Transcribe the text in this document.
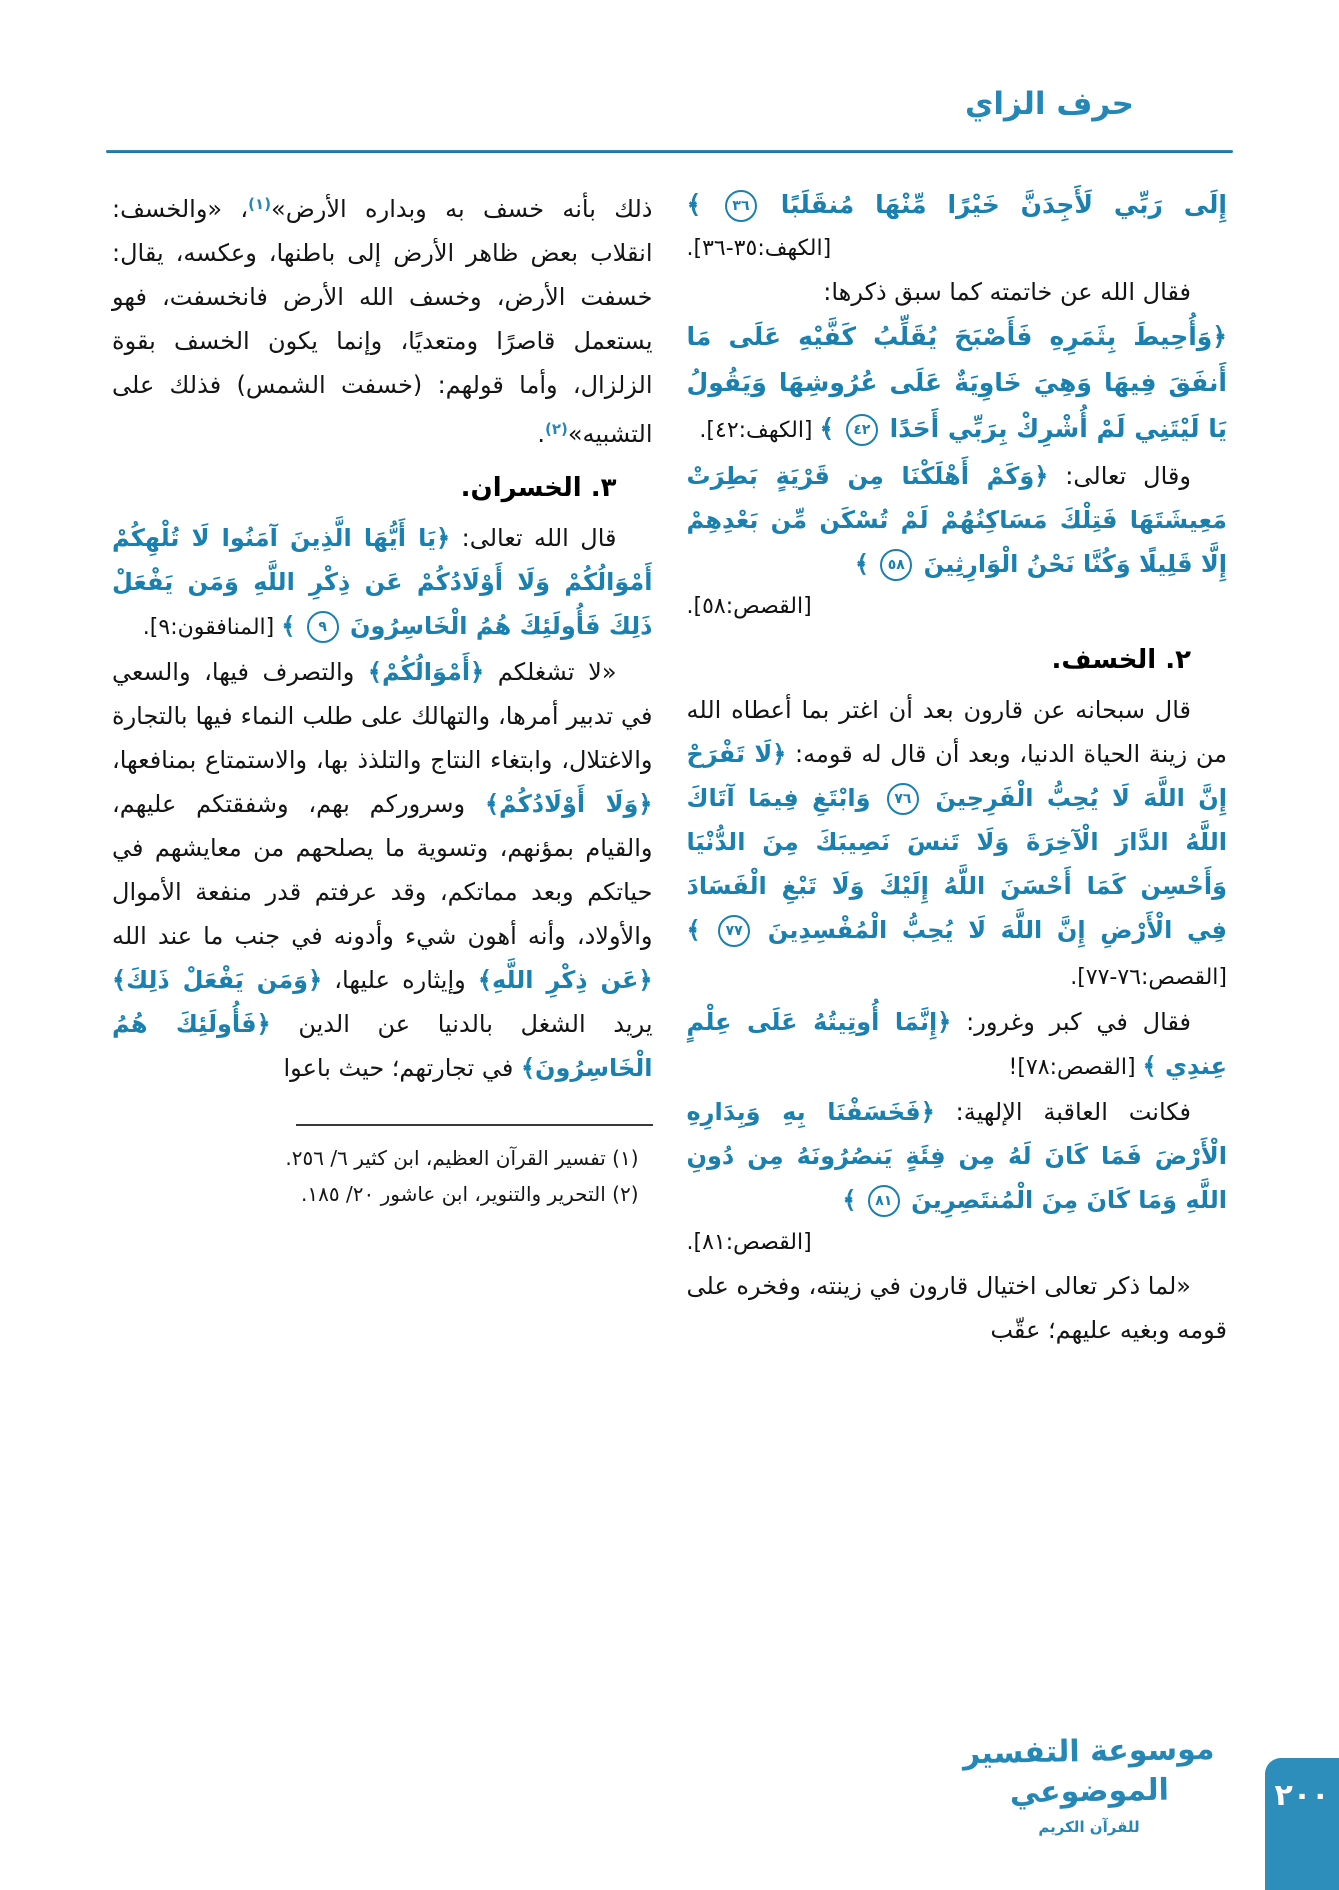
حرف الزاي
إِلَى رَبِّي لَأَجِدَنَّ خَيْرًا مِّنْهَا مُنقَلَبًا ٣٦ ﴾
[الكهف:٣٥-٣٦].
فقال الله عن خاتمته كما سبق ذكرها:
﴿وَأُحِيطَ بِثَمَرِهِ فَأَصْبَحَ يُقَلِّبُ كَفَّيْهِ عَلَى مَا أَنفَقَ فِيهَا وَهِيَ خَاوِيَةٌ عَلَى عُرُوشِهَا وَيَقُولُ يَا لَيْتَنِي لَمْ أُشْرِكْ بِرَبِّي أَحَدًا ٤٢ ﴾ [الكهف:٤٢].
وقال تعالى: ﴿وَكَمْ أَهْلَكْنَا مِن قَرْيَةٍ بَطِرَتْ مَعِيشَتَهَا فَتِلْكَ مَسَاكِنُهُمْ لَمْ تُسْكَن مِّن بَعْدِهِمْ إِلَّا قَلِيلًا وَكُنَّا نَحْنُ الْوَارِثِينَ ٥٨ ﴾
[القصص:٥٨].
٢. الخسف.
قال سبحانه عن قارون بعد أن اغتر بما أعطاه الله من زينة الحياة الدنيا، وبعد أن قال له قومه: ﴿لَا تَفْرَحْ إِنَّ اللَّهَ لَا يُحِبُّ الْفَرِحِينَ ٧٦ وَابْتَغِ فِيمَا آتَاكَ اللَّهُ الدَّارَ الْآخِرَةَ وَلَا تَنسَ نَصِيبَكَ مِنَ الدُّنْيَا وَأَحْسِن كَمَا أَحْسَنَ اللَّهُ إِلَيْكَ وَلَا تَبْغِ الْفَسَادَ فِي الْأَرْضِ إِنَّ اللَّهَ لَا يُحِبُّ الْمُفْسِدِينَ ٧٧ ﴾ [القصص:٧٦-٧٧].
فقال في كبر وغرور: ﴿إِنَّمَا أُوتِيتُهُ عَلَى عِلْمٍ عِندِي ﴾ [القصص:٧٨]!
فكانت العاقبة الإلهية: ﴿فَخَسَفْنَا بِهِ وَبِدَارِهِ الْأَرْضَ فَمَا كَانَ لَهُ مِن فِئَةٍ يَنصُرُونَهُ مِن دُونِ اللَّهِ وَمَا كَانَ مِنَ الْمُنتَصِرِينَ ٨١ ﴾
[القصص:٨١].
«لما ذكر تعالى اختيال قارون في زينته، وفخره على قومه وبغيه عليهم؛ عقّب
ذلك بأنه خسف به وبداره الأرض»$^{(١)}$، «والخسف: انقلاب بعض ظاهر الأرض إلى باطنها، وعكسه، يقال: خسفت الأرض، وخسف الله الأرض فانخسفت، فهو يستعمل قاصرًا ومتعديًا، وإنما يكون الخسف بقوة الزلزال، وأما قولهم: (خسفت الشمس) فذلك على التشبيه»$^{(٢)}$.
٣. الخسران.
قال الله تعالى: ﴿يَا أَيُّهَا الَّذِينَ آمَنُوا لَا تُلْهِكُمْ أَمْوَالُكُمْ وَلَا أَوْلَادُكُمْ عَن ذِكْرِ اللَّهِ وَمَن يَفْعَلْ ذَلِكَ فَأُولَئِكَ هُمُ الْخَاسِرُونَ ٩ ﴾ [المنافقون:٩].
«لا تشغلكم ﴿أَمْوَالُكُمْ﴾ والتصرف فيها، والسعي في تدبير أمرها، والتهالك على طلب النماء فيها بالتجارة والاغتلال، وابتغاء النتاج والتلذذ بها، والاستمتاع بمنافعها، ﴿وَلَا أَوْلَادُكُمْ﴾ وسروركم بهم، وشفقتكم عليهم، والقيام بمؤنهم، وتسوية ما يصلحهم من معايشهم في حياتكم وبعد مماتكم، وقد عرفتم قدر منفعة الأموال والأولاد، وأنه أهون شيء وأدونه في جنب ما عند الله ﴿عَن ذِكْرِ اللَّهِ﴾ وإيثاره عليها، ﴿وَمَن يَفْعَلْ ذَلِكَ﴾ يريد الشغل بالدنيا عن الدين ﴿فَأُولَئِكَ هُمُ الْخَاسِرُونَ﴾ في تجارتهم؛ حيث باعوا
(١) تفسير القرآن العظيم، ابن كثير ٦/ ٢٥٦.
(٢) التحرير والتنوير، ابن عاشور ٢٠/ ١٨٥.
موسوعة التفسير الموضوعي
للقرآن الكريم
٢٠٠
